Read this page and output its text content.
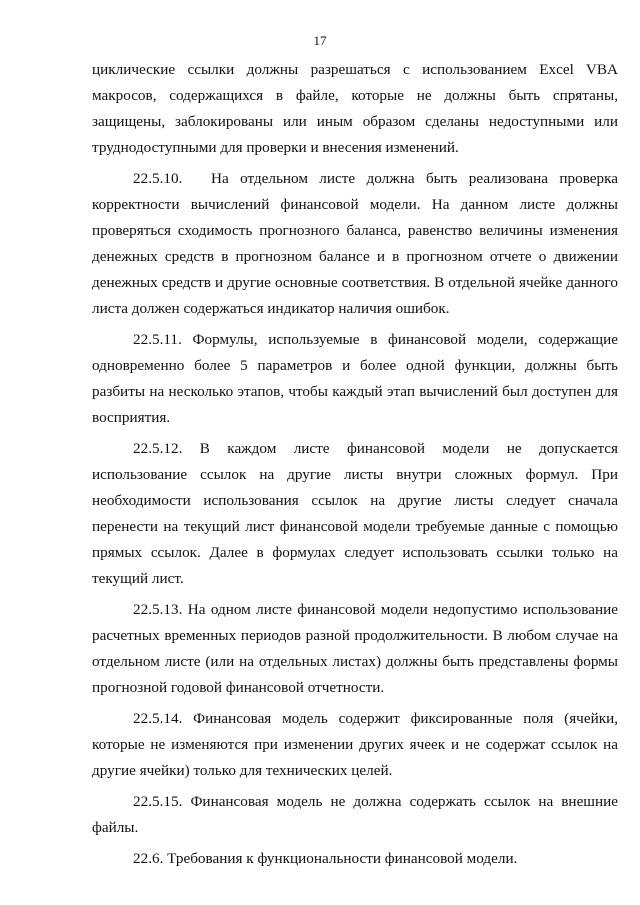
17

циклические ссылки должны разрешаться с использованием Excel VBA макросов, содержащихся в файле, которые не должны быть спрятаны, защищены, заблокированы или иным образом сделаны недоступными или труднодоступными для проверки и внесения изменений.

22.5.10. На отдельном листе должна быть реализована проверка корректности вычислений финансовой модели. На данном листе должны проверяться сходимость прогнозного баланса, равенство величины изменения денежных средств в прогнозном балансе и в прогнозном отчете о движении денежных средств и другие основные соответствия. В отдельной ячейке данного листа должен содержаться индикатор наличия ошибок.

22.5.11. Формулы, используемые в финансовой модели, содержащие одновременно более 5 параметров и более одной функции, должны быть разбиты на несколько этапов, чтобы каждый этап вычислений был доступен для восприятия.

22.5.12. В каждом листе финансовой модели не допускается использование ссылок на другие листы внутри сложных формул. При необходимости использования ссылок на другие листы следует сначала перенести на текущий лист финансовой модели требуемые данные с помощью прямых ссылок. Далее в формулах следует использовать ссылки только на текущий лист.

22.5.13. На одном листе финансовой модели недопустимо использование расчетных временных периодов разной продолжительности. В любом случае на отдельном листе (или на отдельных листах) должны быть представлены формы прогнозной годовой финансовой отчетности.

22.5.14. Финансовая модель содержит фиксированные поля (ячейки, которые не изменяются при изменении других ячеек и не содержат ссылок на другие ячейки) только для технических целей.

22.5.15. Финансовая модель не должна содержать ссылок на внешние файлы.

22.6. Требования к функциональности финансовой модели.
